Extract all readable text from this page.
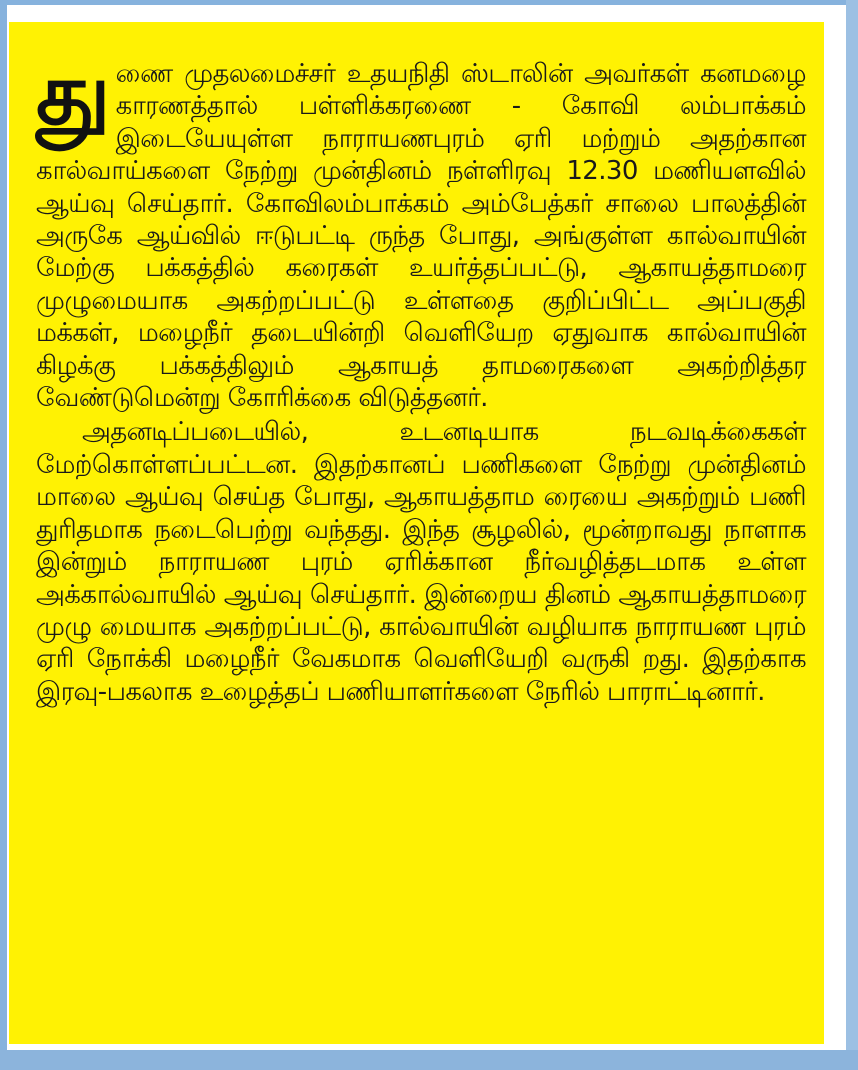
துணை முதலமைச்சர் உதயநிதி ஸ்டாலின் அவர்கள் கனமழை காரணத்தால் பள்ளிக்கரணை - கோவி லம்பாக்கம் இடையேயுள்ள நாராயணபுரம் ஏரி மற்றும் அதற்கான கால்வாய்களை நேற்று முன்தினம் நள்ளிரவு 12.30 மணியளவில் ஆய்வு செய்தார். கோவிலம்பாக்கம் அம்பேத்கர் சாலை பாலத்தின் அருகே ஆய்வில் ஈடுபட்டி ருந்த போது, அங்குள்ள கால்வாயின் மேற்கு பக்கத்தில் கரைகள் உயர்த்தப்பட்டு, ஆகாயத்தாமரை முழுமையாக அகற்றப்பட்டு உள்ளதை குறிப்பிட்ட அப்பகுதி மக்கள், மழைநீர் தடையின்றி வெளியேற ஏதுவாக கால்வாயின் கிழக்கு பக்கத்திலும் ஆகாயத் தாமரைகளை அகற்றித்தர வேண்டுமென்று கோரிக்கை விடுத்தனர்.

அதனடிப்படையில், உடனடியாக நடவடிக்கைகள் மேற்கொள்ளப்பட்டன. இதற்கானப் பணிகளை நேற்று முன்தினம் மாலை ஆய்வு செய்த போது, ஆகாயத்தாம ரையை அகற்றும் பணி துரிதமாக நடைபெற்று வந்தது. இந்த சூழலில், மூன்றாவது நாளாக இன்றும் நாராயண புரம் ஏரிக்கான நீர்வழித்தடமாக உள்ள அக்கால்வாயில் ஆய்வு செய்தார். இன்றைய தினம் ஆகாயத்தாமரை முழு மையாக அகற்றப்பட்டு, கால்வாயின் வழியாக நாராயண புரம் ஏரி நோக்கி மழைநீர் வேகமாக வெளியேறி வருகி றது. இதற்காக இரவு-பகலாக உழைத்தப் பணியாளர்களை நேரில் பாராட்டினார்.
